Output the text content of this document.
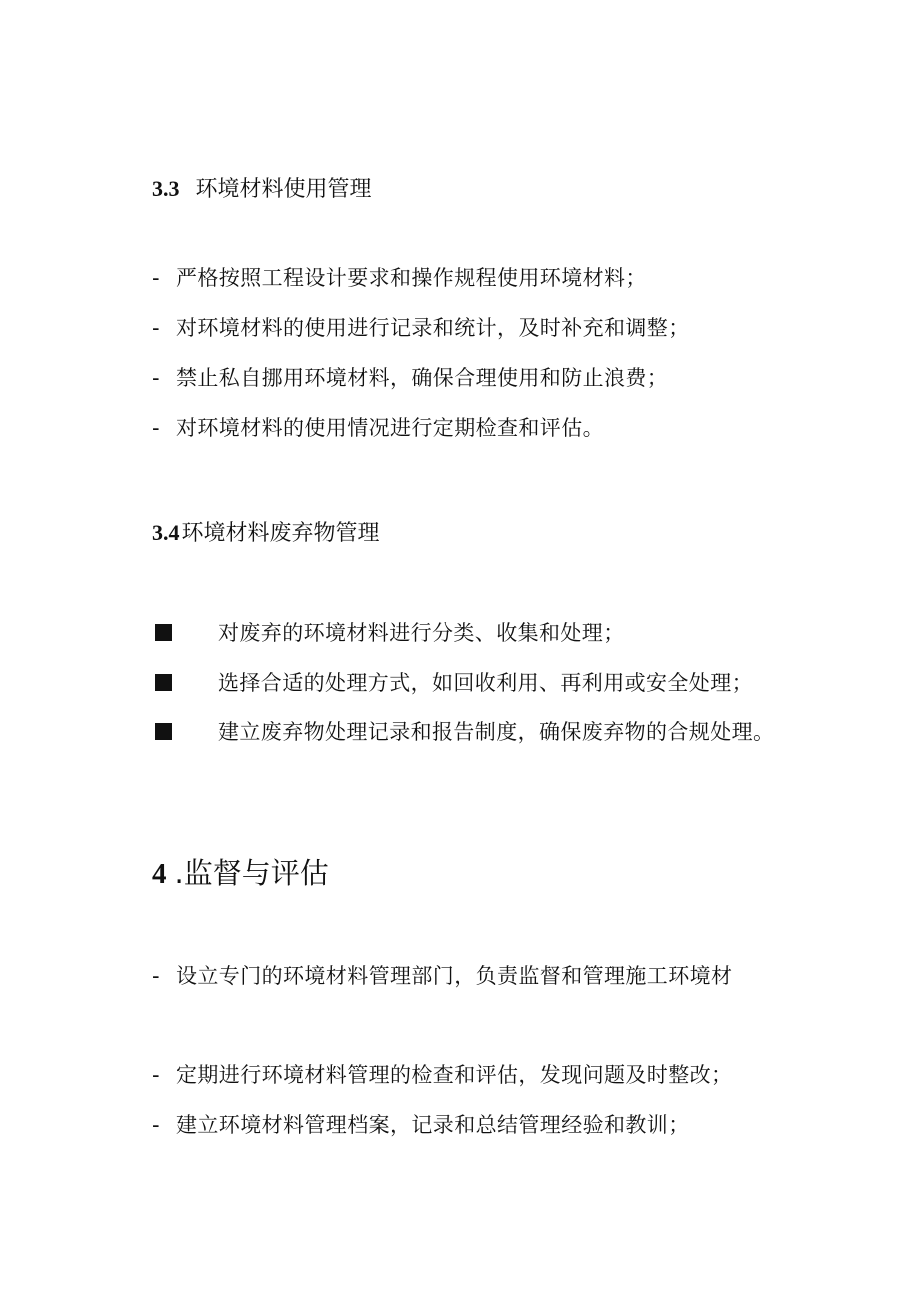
3.3 环境材料使用管理

- 严格按照工程设计要求和操作规程使用环境材料；

- 对环境材料的使用进行记录和统计，及时补充和调整；

- 禁止私自挪用环境材料，确保合理使用和防止浪费；

- 对环境材料的使用情况进行定期检查和评估。

3.4环境材料废弃物管理

对废弃的环境材料进行分类、收集和处理；

选择合适的处理方式，如回收利用、再利用或安全处理；

建立废弃物处理记录和报告制度，确保废弃物的合规处理。

4 .监督与评估

- 设立专门的环境材料管理部门，负责监督和管理施工环境材

- 定期进行环境材料管理的检查和评估，发现问题及时整改；

- 建立环境材料管理档案，记录和总结管理经验和教训；
